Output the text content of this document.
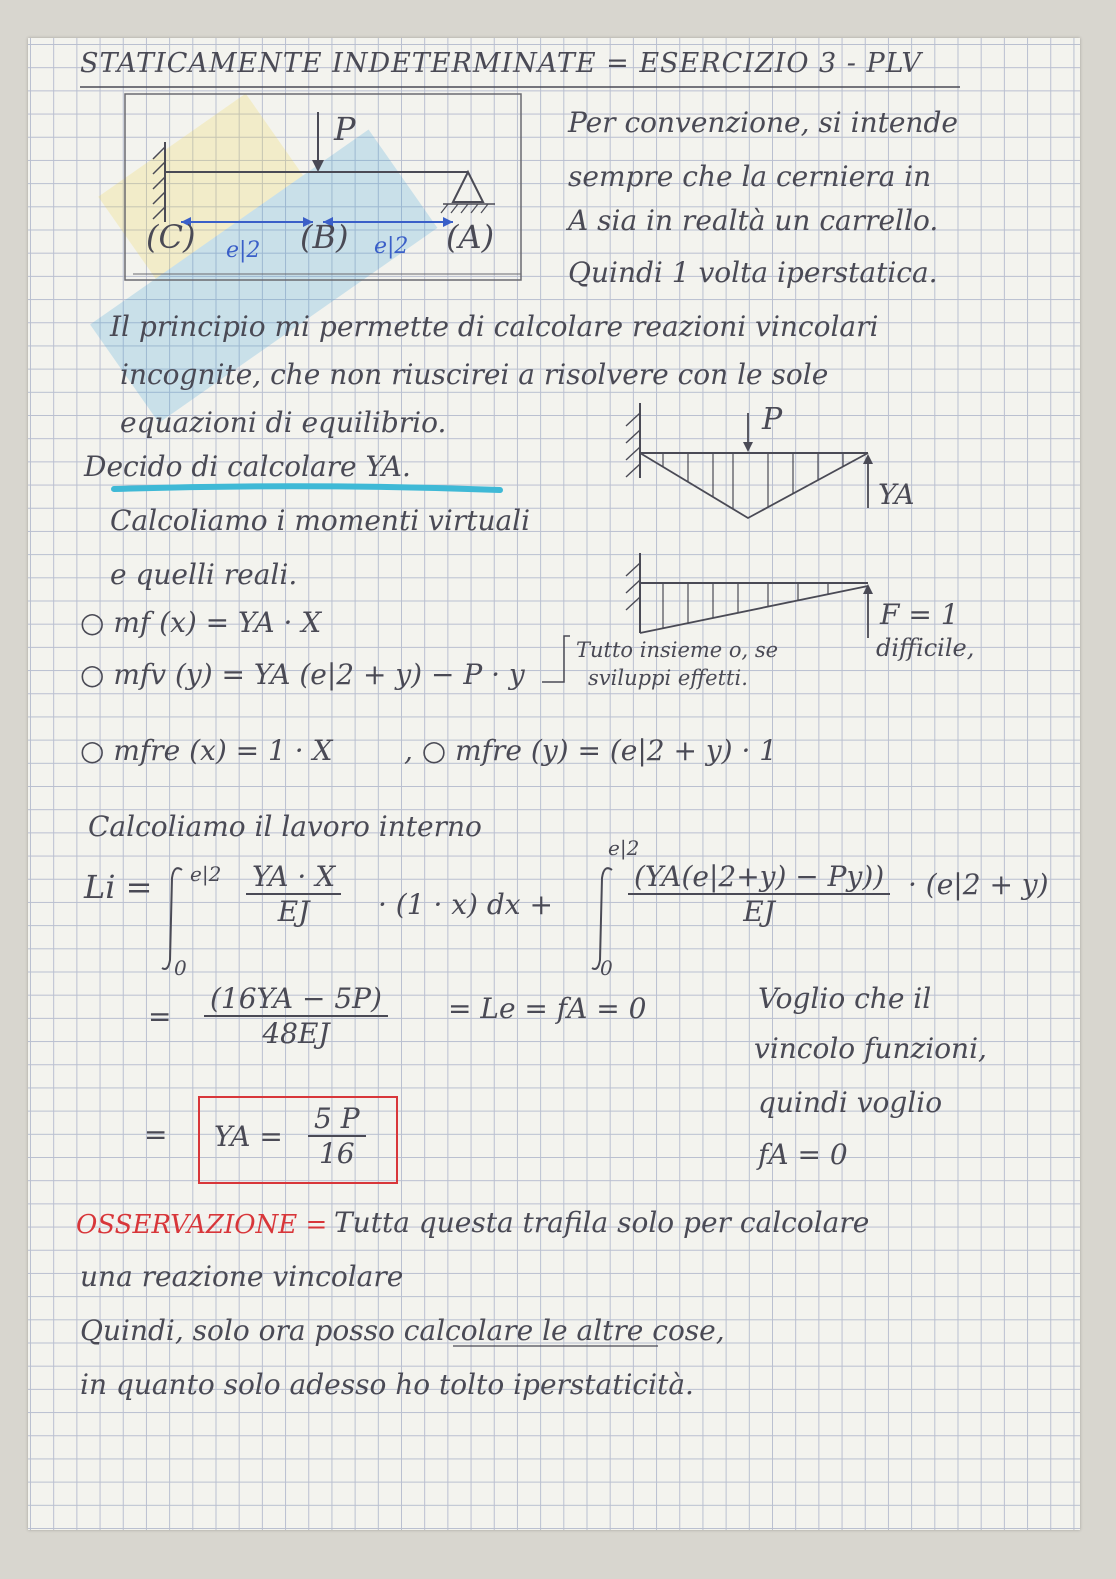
STATICAMENTE INDETERMINATE = ESERCIZIO 3 - PLV
P
(C)	(B)	(A)
e|2	e|2
Per convenzione, si intende
sempre che la cerniera in
A sia in realtà un carrello.
Quindi 1 volta iperstatica.
Il principio mi permette di calcolare reazioni vincolari
incognite, che non riuscirei a risolvere con le sole
equazioni di equilibrio.
Decido di calcolare YA.
Calcoliamo i momenti virtuali
e quelli reali.
P
YA
F = 1
difficile,
○ mf (x) = YA · X
○ mfv (y) = YA (e|2 + y) − P · y
Tutto insieme o, se
sviluppi effetti.
○ mfre (x) = 1 · X	, ○ mfre (y) = (e|2 + y) · 1
Calcoliamo il lavoro interno
Li = e|2
0
$\frac{YA \cdot X}{EJ} \cdot (1 \cdot x)$ dx +
e|2
0
$\frac{(YA(e|2+y) - Py))}{EJ} \cdot (e|2 + y)$
= $\frac{(16YA - 5P)}{48EJ} = Le$ = fA = 0
= YA = $\frac{5 P}{16}$
Voglio che il
vincolo funzioni,
quindi voglio
fA = 0
OSSERVAZIONE = Tutta questa trafila solo per calcolare
una reazione vincolare
Quindi, solo ora posso calcolare le altre cose,
in quanto solo adesso ho tolto iperstaticità.
